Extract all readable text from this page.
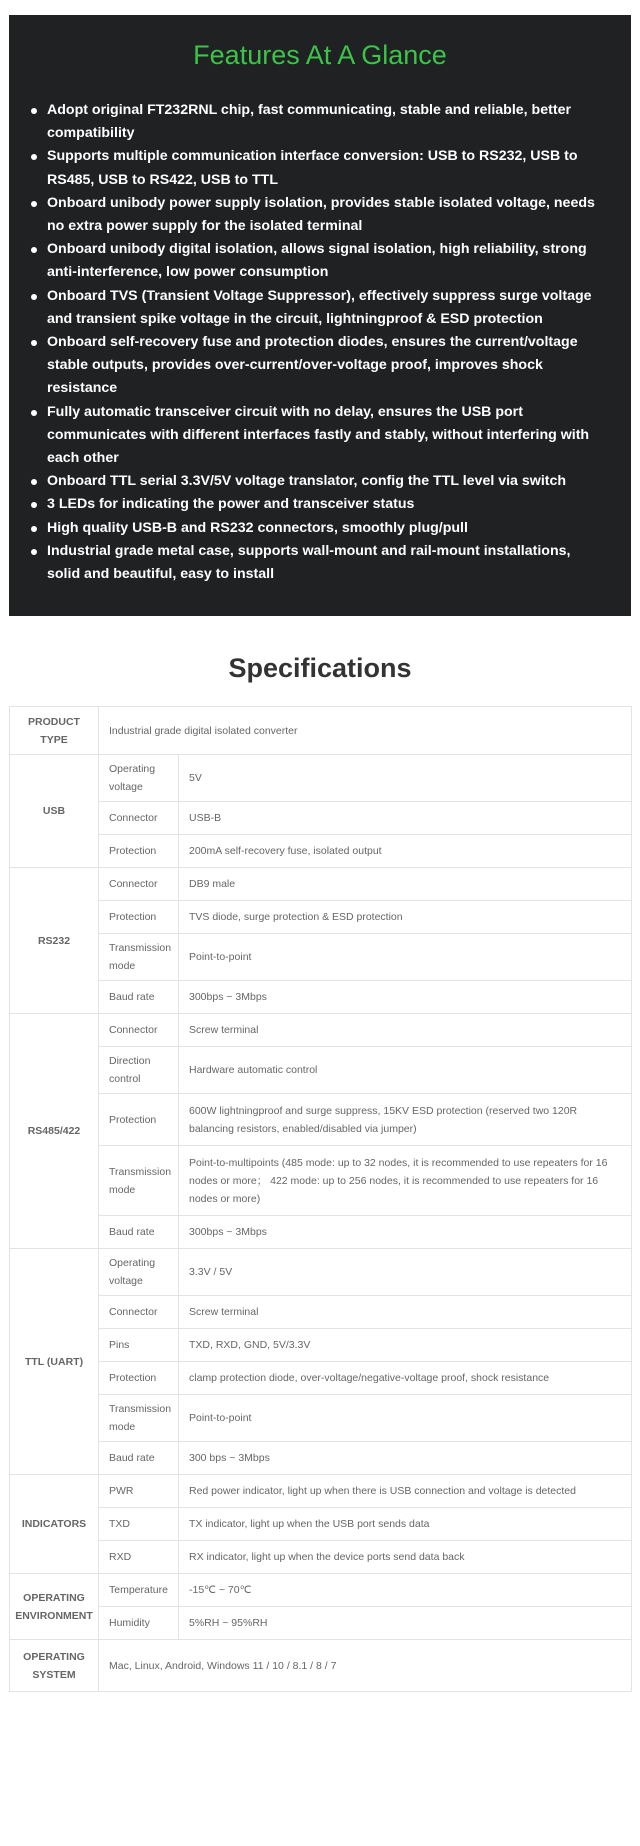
Features At A Glance
Adopt original FT232RNL chip, fast communicating, stable and reliable, better compatibility
Supports multiple communication interface conversion: USB to RS232, USB to RS485, USB to RS422, USB to TTL
Onboard unibody power supply isolation, provides stable isolated voltage, needs no extra power supply for the isolated terminal
Onboard unibody digital isolation, allows signal isolation, high reliability, strong anti-interference, low power consumption
Onboard TVS (Transient Voltage Suppressor), effectively suppress surge voltage and transient spike voltage in the circuit, lightningproof & ESD protection
Onboard self-recovery fuse and protection diodes, ensures the current/voltage stable outputs, provides over-current/over-voltage proof, improves shock resistance
Fully automatic transceiver circuit with no delay, ensures the USB port communicates with different interfaces fastly and stably, without interfering with each other
Onboard TTL serial 3.3V/5V voltage translator, config the TTL level via switch
3 LEDs for indicating the power and transceiver status
High quality USB-B and RS232 connectors, smoothly plug/pull
Industrial grade metal case, supports wall-mount and rail-mount installations, solid and beautiful, easy to install
Specifications
PRODUCT TYPE	Industrial grade digital isolated converter	
USB	Operating voltage	5V
	Connector	USB-B
	Protection	200mA self-recovery fuse, isolated output
RS232	Connector	DB9 male
	Protection	TVS diode, surge protection & ESD protection
	Transmission mode	Point-to-point
	Baud rate	300bps ~ 3Mbps
RS485/422	Connector	Screw terminal
	Direction control	Hardware automatic control
	Protection	600W lightningproof and surge suppress, 15KV ESD protection (reserved two 120R balancing resistors, enabled/disabled via jumper)
	Transmission mode	Point-to-multipoints (485 mode: up to 32 nodes, it is recommended to use repeaters for 16 nodes or more； 422 mode: up to 256 nodes, it is recommended to use repeaters for 16 nodes or more)
	Baud rate	300bps ~ 3Mbps
TTL (UART)	Operating voltage	3.3V / 5V
	Connector	Screw terminal
	Pins	TXD, RXD, GND, 5V/3.3V
	Protection	clamp protection diode, over-voltage/negative-voltage proof, shock resistance
	Transmission mode	Point-to-point
	Baud rate	300 bps ~ 3Mbps
INDICATORS	PWR	Red power indicator, light up when there is USB connection and voltage is detected
	TXD	TX indicator, light up when the USB port sends data
	RXD	RX indicator, light up when the device ports send data back
OPERATING ENVIRONMENT	Temperature	-15℃ ~ 70℃
	Humidity	5%RH ~ 95%RH
OPERATING SYSTEM	Mac, Linux, Android, Windows 11 / 10 / 8.1 / 8 / 7	
